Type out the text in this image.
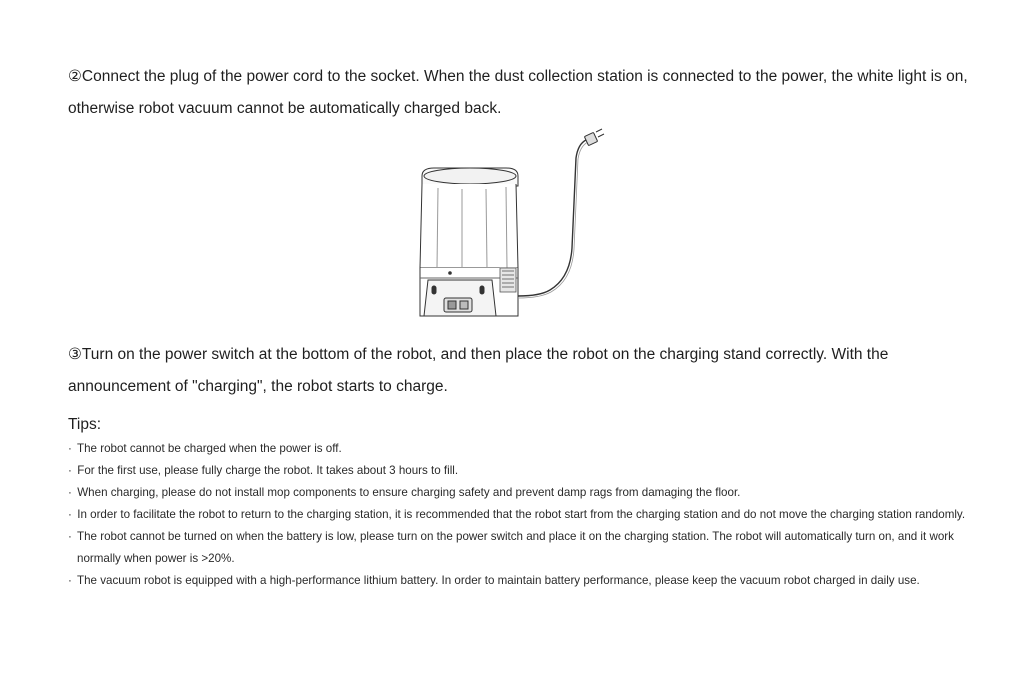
②Connect the plug of the power cord to the socket. When the dust collection station is connected to the power, the white light is on, otherwise robot vacuum cannot be automatically charged back.

③Turn on the power switch at the bottom of the robot, and then place the robot on the charging stand correctly. With the announcement of "charging", the robot starts to charge.

Tips:

· The robot cannot be charged when the power is off.
· For the first use, please fully charge the robot. It takes about 3 hours to fill.
· When charging, please do not install mop components to ensure charging safety and prevent damp rags from damaging the floor.
· In order to facilitate the robot to return to the charging station, it is recommended that the robot start from the charging station and do not move the charging station randomly.
· The robot cannot be turned on when the battery is low, please turn on the power switch and place it on the charging station. The robot will automatically turn on, and it work normally when power is >20%.
· The vacuum robot is equipped with a high-performance lithium battery. In order to maintain battery performance, please keep the vacuum robot charged in daily use.
